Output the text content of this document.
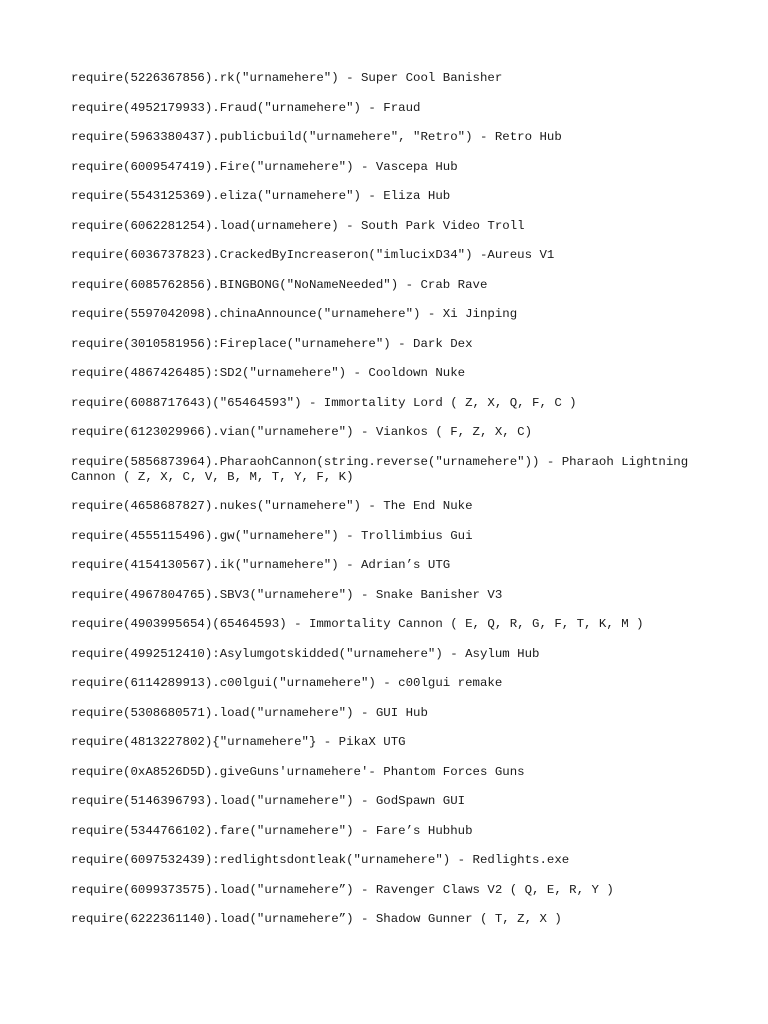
require(5226367856).rk("urnamehere") - Super Cool Banisher

require(4952179933).Fraud("urnamehere") - Fraud

require(5963380437).publicbuild("urnamehere", "Retro") - Retro Hub

require(6009547419).Fire("urnamehere") - Vascepa Hub

require(5543125369).eliza("urnamehere") - Eliza Hub

require(6062281254).load(urnamehere) - South Park Video Troll

require(6036737823).CrackedByIncreaseron("imlucixD34") -Aureus V1

require(6085762856).BINGBONG("NoNameNeeded") - Crab Rave

require(5597042098).chinaAnnounce("urnamehere") - Xi Jinping

require(3010581956):Fireplace("urnamehere") - Dark Dex

require(4867426485):SD2("urnamehere") - Cooldown Nuke

require(6088717643)("65464593") - Immortality Lord ( Z, X, Q, F, C )

require(6123029966).vian("urnamehere") - Viankos ( F, Z, X, C)

require(5856873964).PharaohCannon(string.reverse("urnamehere")) - Pharaoh Lightning Cannon ( Z, X, C, V, B, M, T, Y, F, K)

require(4658687827).nukes("urnamehere") - The End Nuke

require(4555115496).gw("urnamehere") - Trollimbius Gui

require(4154130567).ik("urnamehere") - Adrian’s UTG

require(4967804765).SBV3("urnamehere") - Snake Banisher V3

require(4903995654)(65464593) - Immortality Cannon ( E, Q, R, G, F, T, K, M )

require(4992512410):Asylumgotskidded("urnamehere") - Asylum Hub

require(6114289913).c00lgui("urnamehere") - c00lgui remake

require(5308680571).load("urnamehere") - GUI Hub

require(4813227802){"urnamehere"} - PikaX UTG

require(0xA8526D5D).giveGuns'urnamehere'- Phantom Forces Guns

require(5146396793).load("urnamehere") - GodSpawn GUI

require(5344766102).fare("urnamehere") - Fare’s Hubhub

require(6097532439):redlightsdontleak("urnamehere") - Redlights.exe

require(6099373575).load("urnamehere”) - Ravenger Claws V2 ( Q, E, R, Y )

require(6222361140).load("urnamehere”) - Shadow Gunner ( T, Z, X )
